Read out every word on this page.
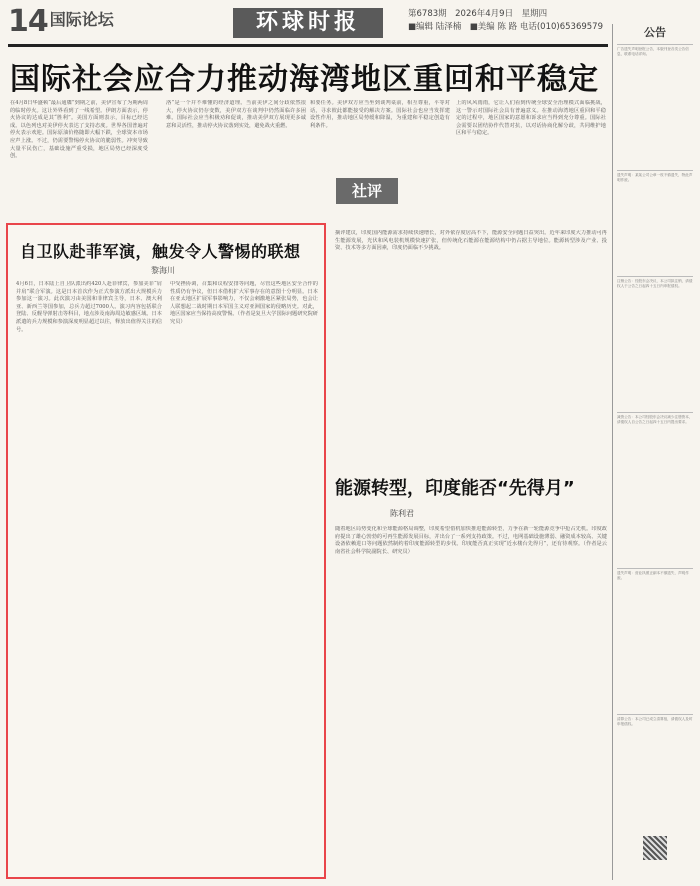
14 国际论坛	环球时报	第6783期　2026年4月9日　星期四
■编辑 陆泽楠　■美编 陈 路 电话(010)65369579
国际社会应合力推动海湾地区重回和平稳定
在4月8日华盛顿“最后通牒”到期之前，美伊宣布了为期两周的临时停火。这让外界看到了一线希望。伊朗方面表示，停火协议的达成是其“胜利”。美国方面则表示，目标已经达成。以色列也对美伊停火表达了支持态度。世界各国普遍对停火表示欢迎。国际原油价格随即大幅下跌，全球资本市场应声上涨。不过，仍需要警惕停火协议的脆弱性。冲突导致大量平民伤亡，基础设施严重受损，地区局势已经深度受创。
洛”是一个并不难懂的经济道理。当前美伊之间分歧依然很大，停火协议仍存变数，美伊双方在谈判中仍然面临许多困难。国际社会应当积极劝和促谈，推动美伊双方展现更多诚意和灵活性，推动停火协议落到实处，避免战火重燃。
和要任务。美伊双方应当坐到谈判桌前，相互尊重，平等对话，寻求彼此都能接受的解决方案。国际社会也应当发挥建设性作用，推动地区局势缓和降温，为重建和平稳定创造有利条件。
上的风风雨雨，它让人们看到传统全球安全治理模式面临挑战，这一警示对国际社会具有普遍意义。在推动海湾地区重回和平稳定的过程中，地区国家的意愿和诉求应当得到充分尊重。国际社会需要以团结协作代替对抗，以对话协商化解分歧，共同维护地区和平与稳定。
社评
自卫队赴菲军演，触发令人警惕的联想
黎海川
4月6日，日本陆上自卫队派出约420人赴菲律宾，参加美菲“肩并肩”联合军演。这是日本首次作为正式参演方派出大规模兵力参加这一演习。此次演习由美国和菲律宾主导，日本、澳大利亚、新西兰等国参加，总兵力超过7000人。演习内容包括联合登陆、反舰导弹射击等科目，地点涉及南海周边敏感区域。日本派遣的兵力规模和参演深度明显超过以往，释放出值得关注的信号。
中受挫协调，召集和议程安排等问题，尽管这些地区安全合作的性质仍有争议，但日本借机扩大军事存在的意图十分明显。日本在亚太地区扩展军事影响力，不仅会刺激地区紧张局势，也会让人联想起二战时期日本军国主义对亚洲国家的侵略历史。对此，地区国家应当保持高度警惕。（作者是复旦大学国际问题研究院研究员）
摘评建议，印度国内能源需求持续快速增长，对外依存度居高不下，能源安全问题日益突出。近年来印度大力推动可再生能源发展，光伏和风电装机规模快速扩张，但传统化石能源在能源结构中仍占据主导地位。能源转型涉及产业、投资、技术等多方面因素，印度仍面临不少挑战。
能源转型，印度能否“先得月”
陈利君
随着地区局势变化和全球能源格局调整，印度希望借机加快推进能源转型，力争在新一轮能源竞争中抢占先机。印度政府提出了雄心勃勃的可再生能源发展目标，并出台了一系列支持政策。不过，电网基础设施薄弱、融资成本较高、关键设备依赖进口等问题依然制约着印度能源转型的步伐。印度能否真正实现“近水楼台先得月”，还有待观察。（作者是云南省社会科学院副院长、研究员）
公告
广告遗失声明登报公告，本版刊登各类公告信息，联系电话详询。
遗失声明：某某公司公章一枚不慎遗失，特此声明作废。
注销公告：经股东会决议，本公司拟注销，请债权人于公告之日起四十五日内申报债权。
减资公告：本公司经股东会决议减少注册资本，请债权人自公告之日起四十五日内提出要求。
遗失声明：营业执照正副本不慎遗失，声明作废。
清算公告：本公司已成立清算组，请债权人及时申报债权。
